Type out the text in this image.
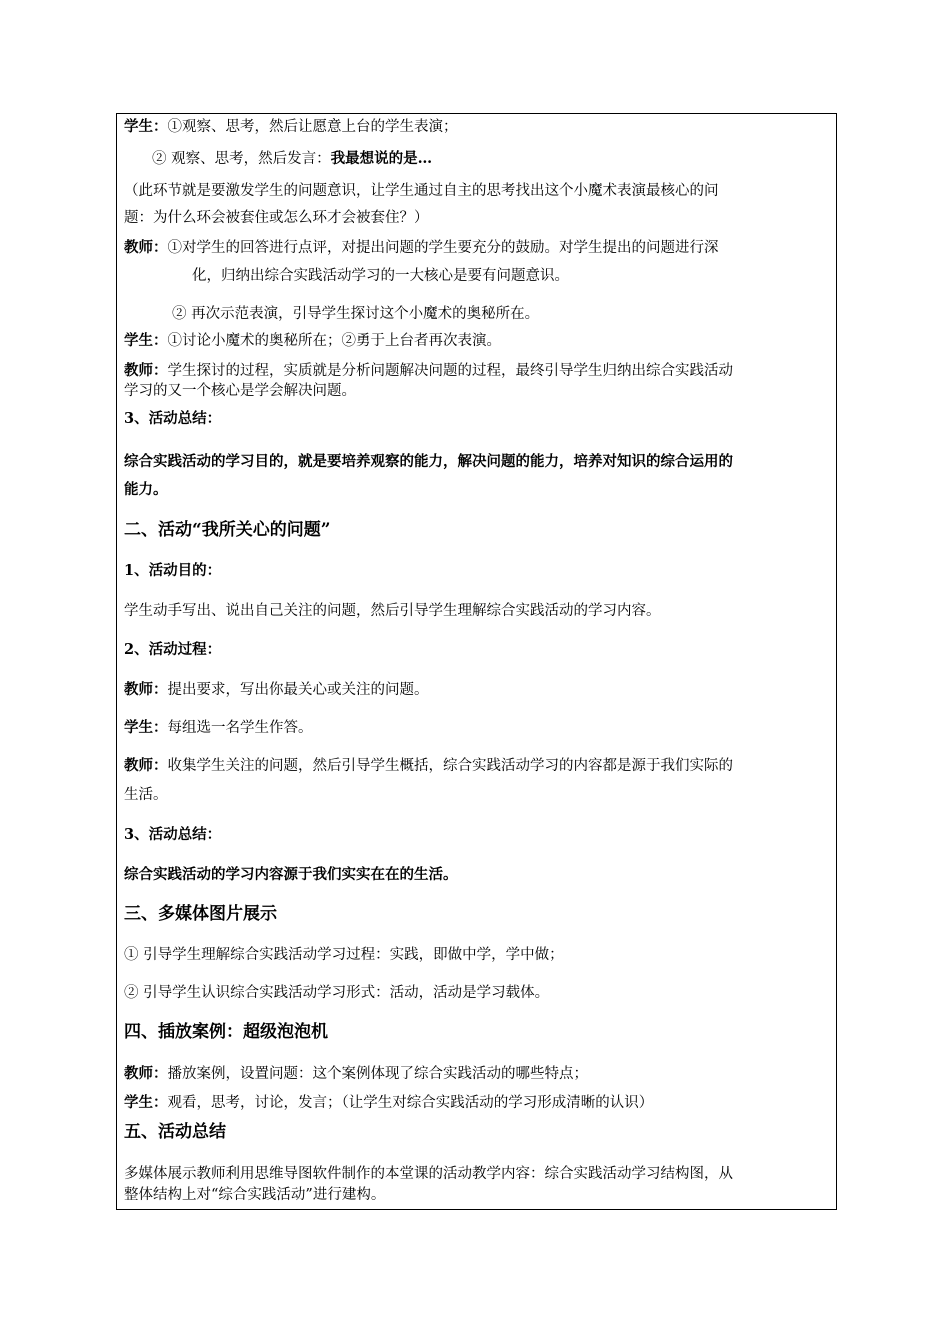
学生：①观察、思考，然后让愿意上台的学生表演；
② 观察、思考，然后发言：我最想说的是…
（此环节就是要激发学生的问题意识，让学生通过自主的思考找出这个小魔术表演最核心的问
题：为什么环会被套住或怎么环才会被套住？）
教师：①对学生的回答进行点评，对提出问题的学生要充分的鼓励。对学生提出的问题进行深
化，归纳出综合实践活动学习的一大核心是要有问题意识。
② 再次示范表演，引导学生探讨这个小魔术的奥秘所在。
学生：①讨论小魔术的奥秘所在；②勇于上台者再次表演。
教师：学生探讨的过程，实质就是分析问题解决问题的过程，最终引导学生归纳出综合实践活动
学习的又一个核心是学会解决问题。
3、活动总结：
综合实践活动的学习目的，就是要培养观察的能力，解决问题的能力，培养对知识的综合运用的
能力。
二、活动“我所关心的问题”
1、活动目的：
学生动手写出、说出自己关注的问题，然后引导学生理解综合实践活动的学习内容。
2、活动过程：
教师：提出要求，写出你最关心或关注的问题。
学生：每组选一名学生作答。
教师：收集学生关注的问题，然后引导学生概括，综合实践活动学习的内容都是源于我们实际的
生活。
3、活动总结：
综合实践活动的学习内容源于我们实实在在的生活。
三、多媒体图片展示
① 引导学生理解综合实践活动学习过程：实践，即做中学，学中做；
② 引导学生认识综合实践活动学习形式：活动，活动是学习载体。
四、插放案例：超级泡泡机
教师：播放案例，设置问题：这个案例体现了综合实践活动的哪些特点；
学生：观看，思考，讨论，发言；（让学生对综合实践活动的学习形成清晰的认识）
五、活动总结
多媒体展示教师利用思维导图软件制作的本堂课的活动教学内容：综合实践活动学习结构图，从
整体结构上对“综合实践活动”进行建构。
